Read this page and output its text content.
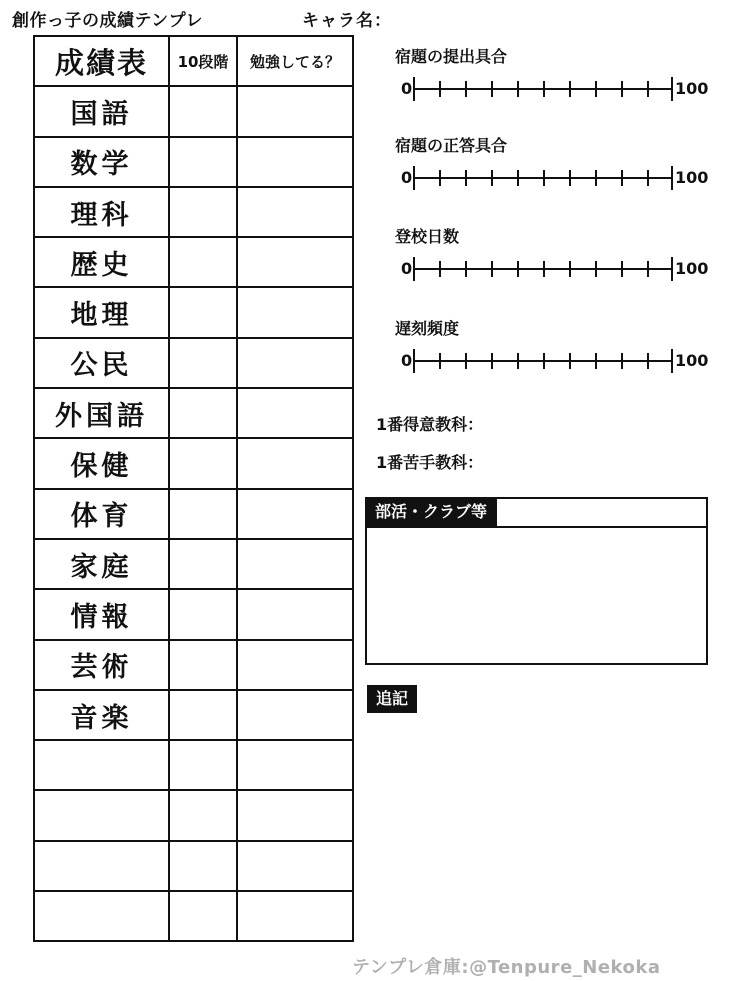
創作っ子の成績テンプレ	キャラ名：
成績表	10段階	勉強してる？
国語		
数学		
理科		
歴史		
地理		
公民		
外国語		
保健		
体育		
家庭		
情報		
芸術		
音楽		

宿題の提出具合
0	100
宿題の正答具合
0	100
登校日数
0	100
遅刻頻度
0	100
1番得意教科：
1番苦手教科：
部活・クラブ等
追記
テンプレ倉庫:@Tenpure_Nekoka
